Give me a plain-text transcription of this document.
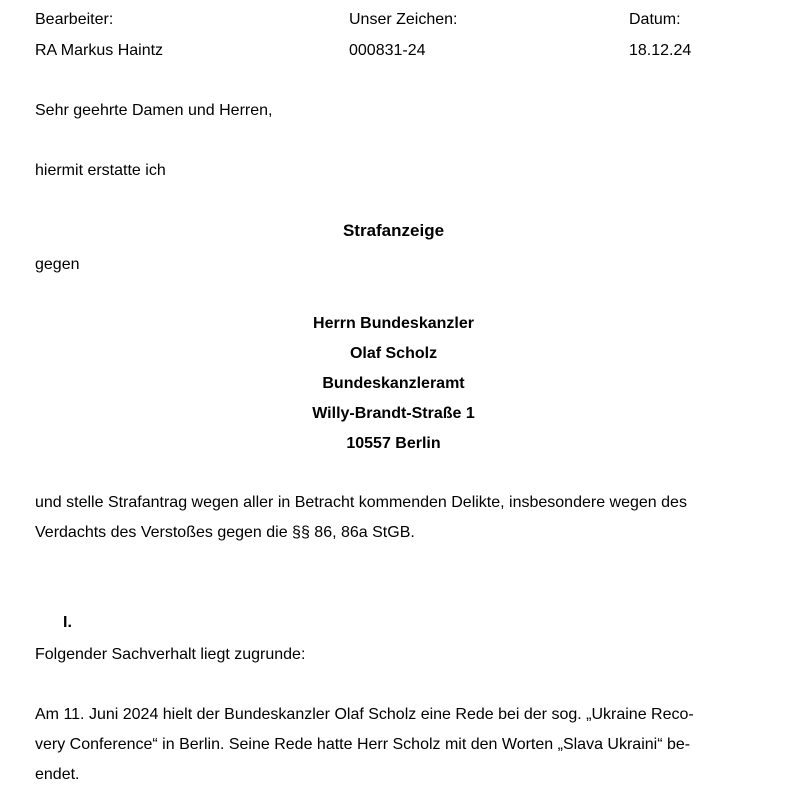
Bearbeiter:
RA Markus Haintz
Unser Zeichen:
000831-24
Datum:
18.12.24
Sehr geehrte Damen und Herren,
hiermit erstatte ich
Strafanzeige
gegen
Herrn Bundeskanzler
Olaf Scholz
Bundeskanzleramt
Willy-Brandt-Straße 1
10557 Berlin
und stelle Strafantrag wegen aller in Betracht kommenden Delikte, insbesondere wegen des
Verdachts des Verstoßes gegen die §§ 86, 86a StGB.
I.
Folgender Sachverhalt liegt zugrunde:
Am 11. Juni 2024 hielt der Bundeskanzler Olaf Scholz eine Rede bei der sog. „Ukraine Reco-
very Conference“ in Berlin. Seine Rede hatte Herr Scholz mit den Worten „Slava Ukraini“ be-
endet.
